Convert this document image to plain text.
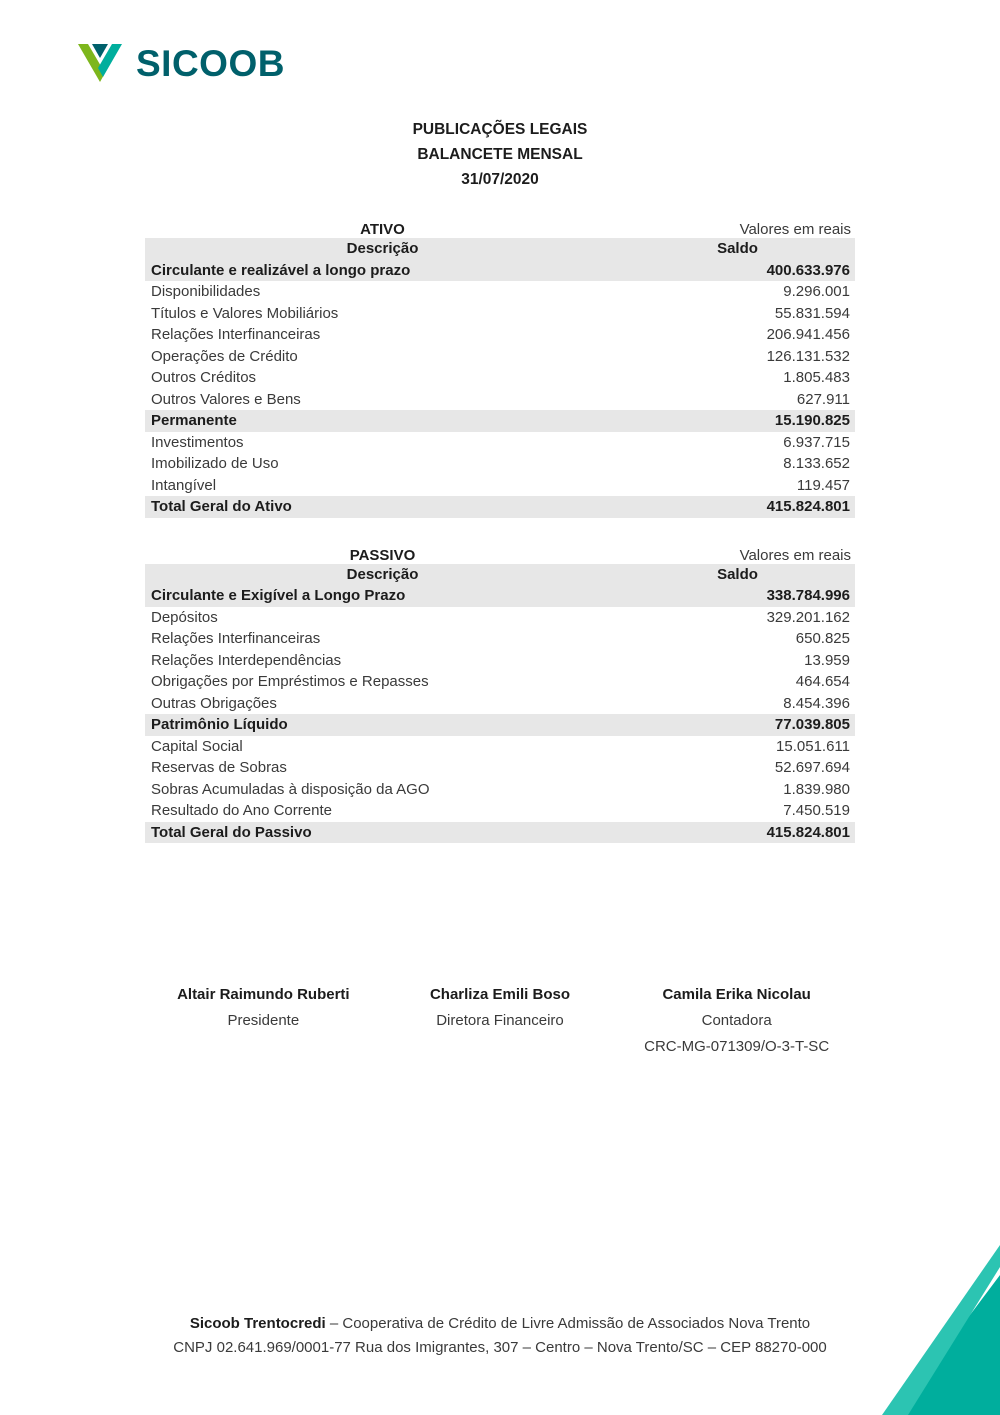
SICOOB
PUBLICAÇÕES LEGAIS
BALANCETE MENSAL
31/07/2020
ATIVO	Valores em reais
Descrição	Saldo
Circulante e realizável a longo prazo	400.633.976
Disponibilidades	9.296.001
Títulos e Valores Mobiliários	55.831.594
Relações Interfinanceiras	206.941.456
Operações de Crédito	126.131.532
Outros Créditos	1.805.483
Outros Valores e Bens	627.911
Permanente	15.190.825
Investimentos	6.937.715
Imobilizado de Uso	8.133.652
Intangível	119.457
Total Geral do Ativo	415.824.801
PASSIVO	Valores em reais
Descrição	Saldo
Circulante e Exigível a Longo Prazo	338.784.996
Depósitos	329.201.162
Relações Interfinanceiras	650.825
Relações Interdependências	13.959
Obrigações por Empréstimos e Repasses	464.654
Outras Obrigações	8.454.396
Patrimônio Líquido	77.039.805
Capital Social	15.051.611
Reservas de Sobras	52.697.694
Sobras Acumuladas à disposição da AGO	1.839.980
Resultado do Ano Corrente	7.450.519
Total Geral do Passivo	415.824.801
Altair Raimundo Ruberti
Presidente
Charliza Emili Boso
Diretora Financeiro
Camila Erika Nicolau
Contadora
CRC-MG-071309/O-3-T-SC
Sicoob Trentocredi – Cooperativa de Crédito de Livre Admissão de Associados Nova Trento
CNPJ 02.641.969/0001-77 Rua dos Imigrantes, 307 – Centro – Nova Trento/SC – CEP 88270-000
